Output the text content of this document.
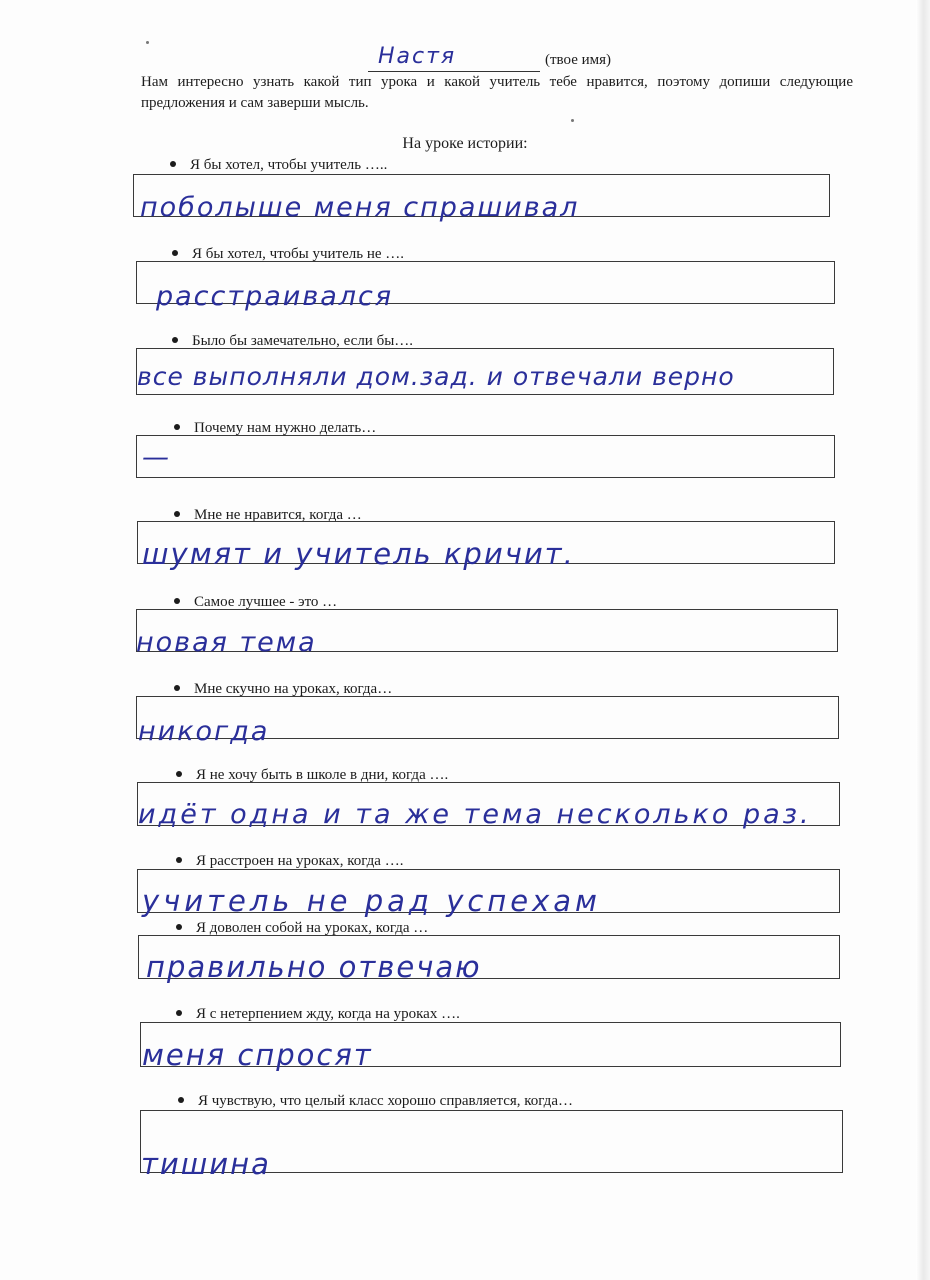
Настя	(твое имя)
Нам интересно узнать какой тип урока и какой учитель тебе нравится, поэтому допиши следующие предложения и сам заверши мысль.
На уроке истории:
Я бы хотел, чтобы учитель …..
поболыше меня спрашивал
Я бы хотел, чтобы учитель не ….
расстраивался
Было бы замечательно, если бы….
все выполняли дом.зад. и отвечали верно
Почему нам нужно делать…
—
Мне не нравится, когда …
шумят и учитель кричит.
Самое лучшее - это …
новая тема
Мне скучно на уроках, когда…
никогда
Я не хочу быть в школе в дни, когда ….
идёт одна и та же тема несколько раз.
Я расстроен на уроках, когда ….
учитель не рад успехам
Я доволен собой на уроках, когда …
правильно отвечаю
Я с нетерпением жду, когда на уроках ….
меня спросят
Я чувствую, что целый класс хорошо справляется, когда…
тишина
